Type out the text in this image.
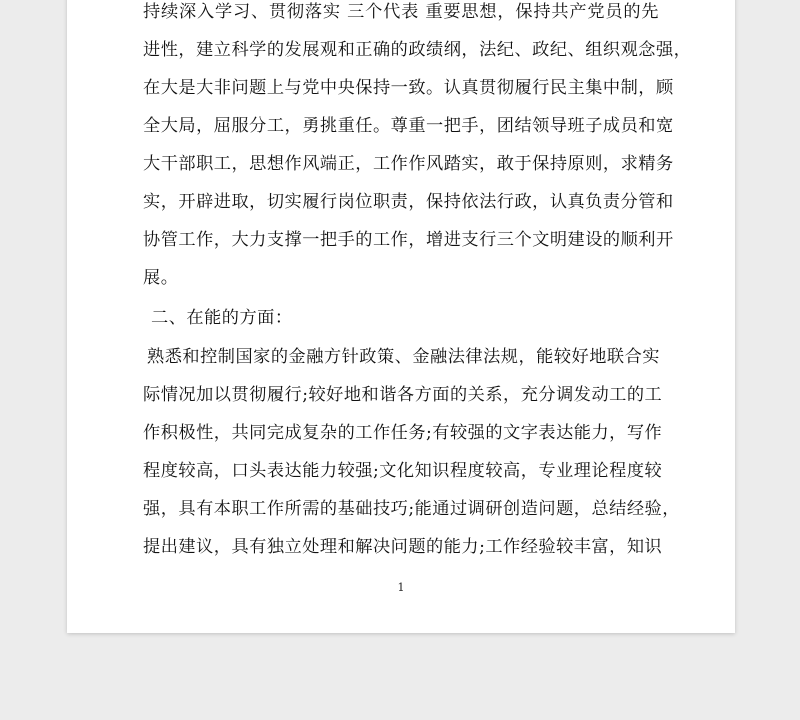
持续深入学习、贯彻落实 三个代表 重要思想，保持共产党员的先
进性，建立科学的发展观和正确的政绩纲，法纪、政纪、组织观念强，
在大是大非问题上与党中央保持一致。认真贯彻履行民主集中制，顾
全大局，屈服分工，勇挑重任。尊重一把手，团结领导班子成员和宽
大干部职工，思想作风端正，工作作风踏实，敢于保持原则，求精务
实，开辟进取，切实履行岗位职责，保持依法行政，认真负责分管和
协管工作，大力支撑一把手的工作，增进支行三个文明建设的顺利开
展。
二、在能的方面：
熟悉和控制国家的金融方针政策、金融法律法规，能较好地联合实
际情况加以贯彻履行;较好地和谐各方面的关系，充分调发动工的工
作积极性，共同完成复杂的工作任务;有较强的文字表达能力，写作
程度较高，口头表达能力较强;文化知识程度较高，专业理论程度较
强，具有本职工作所需的基础技巧;能通过调研创造问题，总结经验，
提出建议，具有独立处理和解决问题的能力;工作经验较丰富，知识
1
